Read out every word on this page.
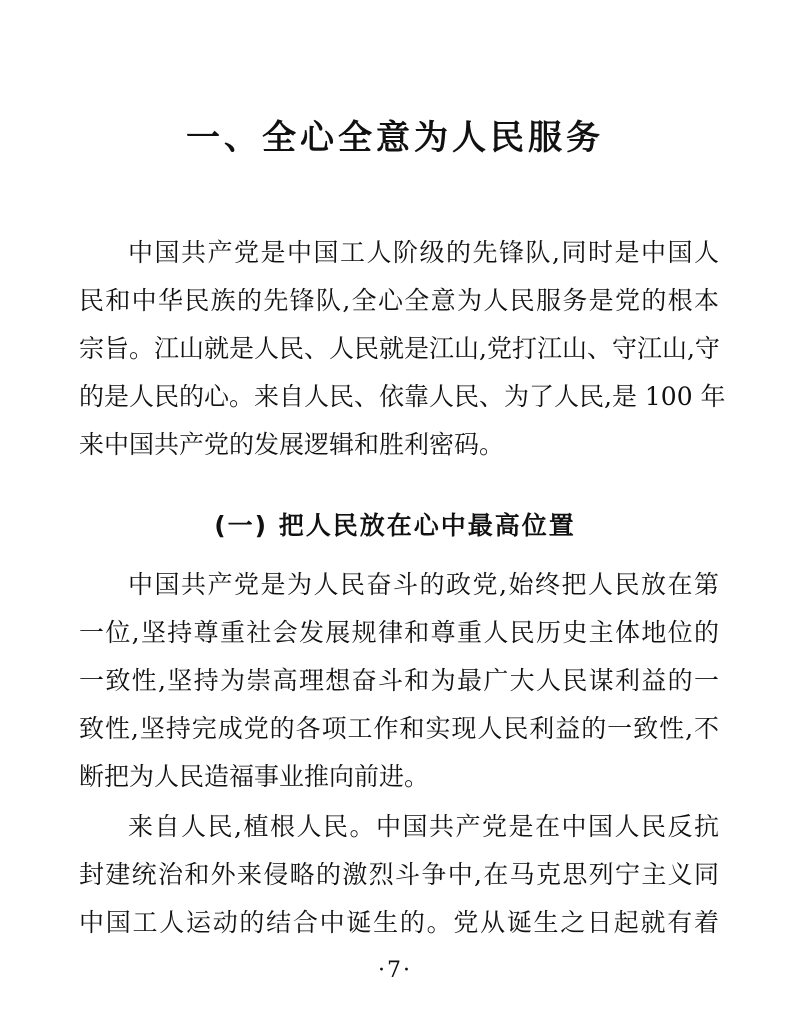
一、全心全意为人民服务

中国共产党是中国工人阶级的先锋队,同时是中国人

民和中华民族的先锋队,全心全意为人民服务是党的根本

宗旨。江山就是人民、人民就是江山,党打江山、守江山,守

的是人民的心。来自人民、依靠人民、为了人民,是 100 年

来中国共产党的发展逻辑和胜利密码。

(一) 把人民放在心中最高位置

中国共产党是为人民奋斗的政党,始终把人民放在第

一位,坚持尊重社会发展规律和尊重人民历史主体地位的

一致性,坚持为崇高理想奋斗和为最广大人民谋利益的一

致性,坚持完成党的各项工作和实现人民利益的一致性,不

断把为人民造福事业推向前进。

来自人民,植根人民。中国共产党是在中国人民反抗

封建统治和外来侵略的激烈斗争中,在马克思列宁主义同

中国工人运动的结合中诞生的。党从诞生之日起就有着

·7·
